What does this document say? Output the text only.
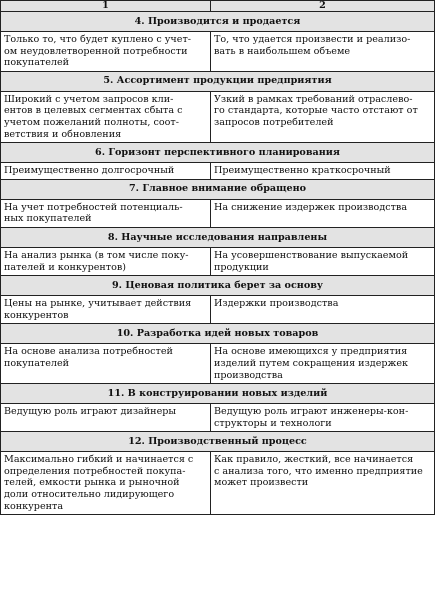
1	2
4. Производится и продается	

Только то, что будет куплено с учет-
ом неудовлетворенной потребности
покупателей	То, что удается произвести и реализо-
вать в наибольшем объеме

5. Ассортимент продукции предприятия	

Широкий с учетом запросов кли-
ентов в целевых сегментах сбыта с
учетом пожеланий полноты, соот-
ветствия и обновления	Узкий в рамках требований отраслево-
го стандарта, которые часто отстают от
запросов потребителей

6. Горизонт перспективного планирования	

Преимущественно долгосрочный	Преимущественно краткосрочный

7. Главное внимание обращено	

На учет потребностей потенциаль-
ных покупателей	На снижение издержек производства

8. Научные исследования направлены	

На анализ рынка (в том числе поку-
пателей и конкурентов)	На усовершенствование выпускаемой
продукции

9. Ценовая политика берет за основу	

Цены на рынке, учитывает действия
конкурентов	Издержки производства

10. Разработка идей новых товаров	

На основе анализа потребностей
покупателей	На основе имеющихся у предприятия
изделий путем сокращения издержек
производства

11. В конструировании новых изделий	

Ведущую роль играют дизайнеры	Ведущую роль играют инженеры-кон-
структоры и технологи

12. Производственный процесс	

Максимально гибкий и начинается с
определения потребностей покупа-
телей, емкости рынка и рыночной
доли относительно лидирующего
конкурента	Как правило, жесткий, все начинается
с анализа того, что именно предприятие
может произвести
